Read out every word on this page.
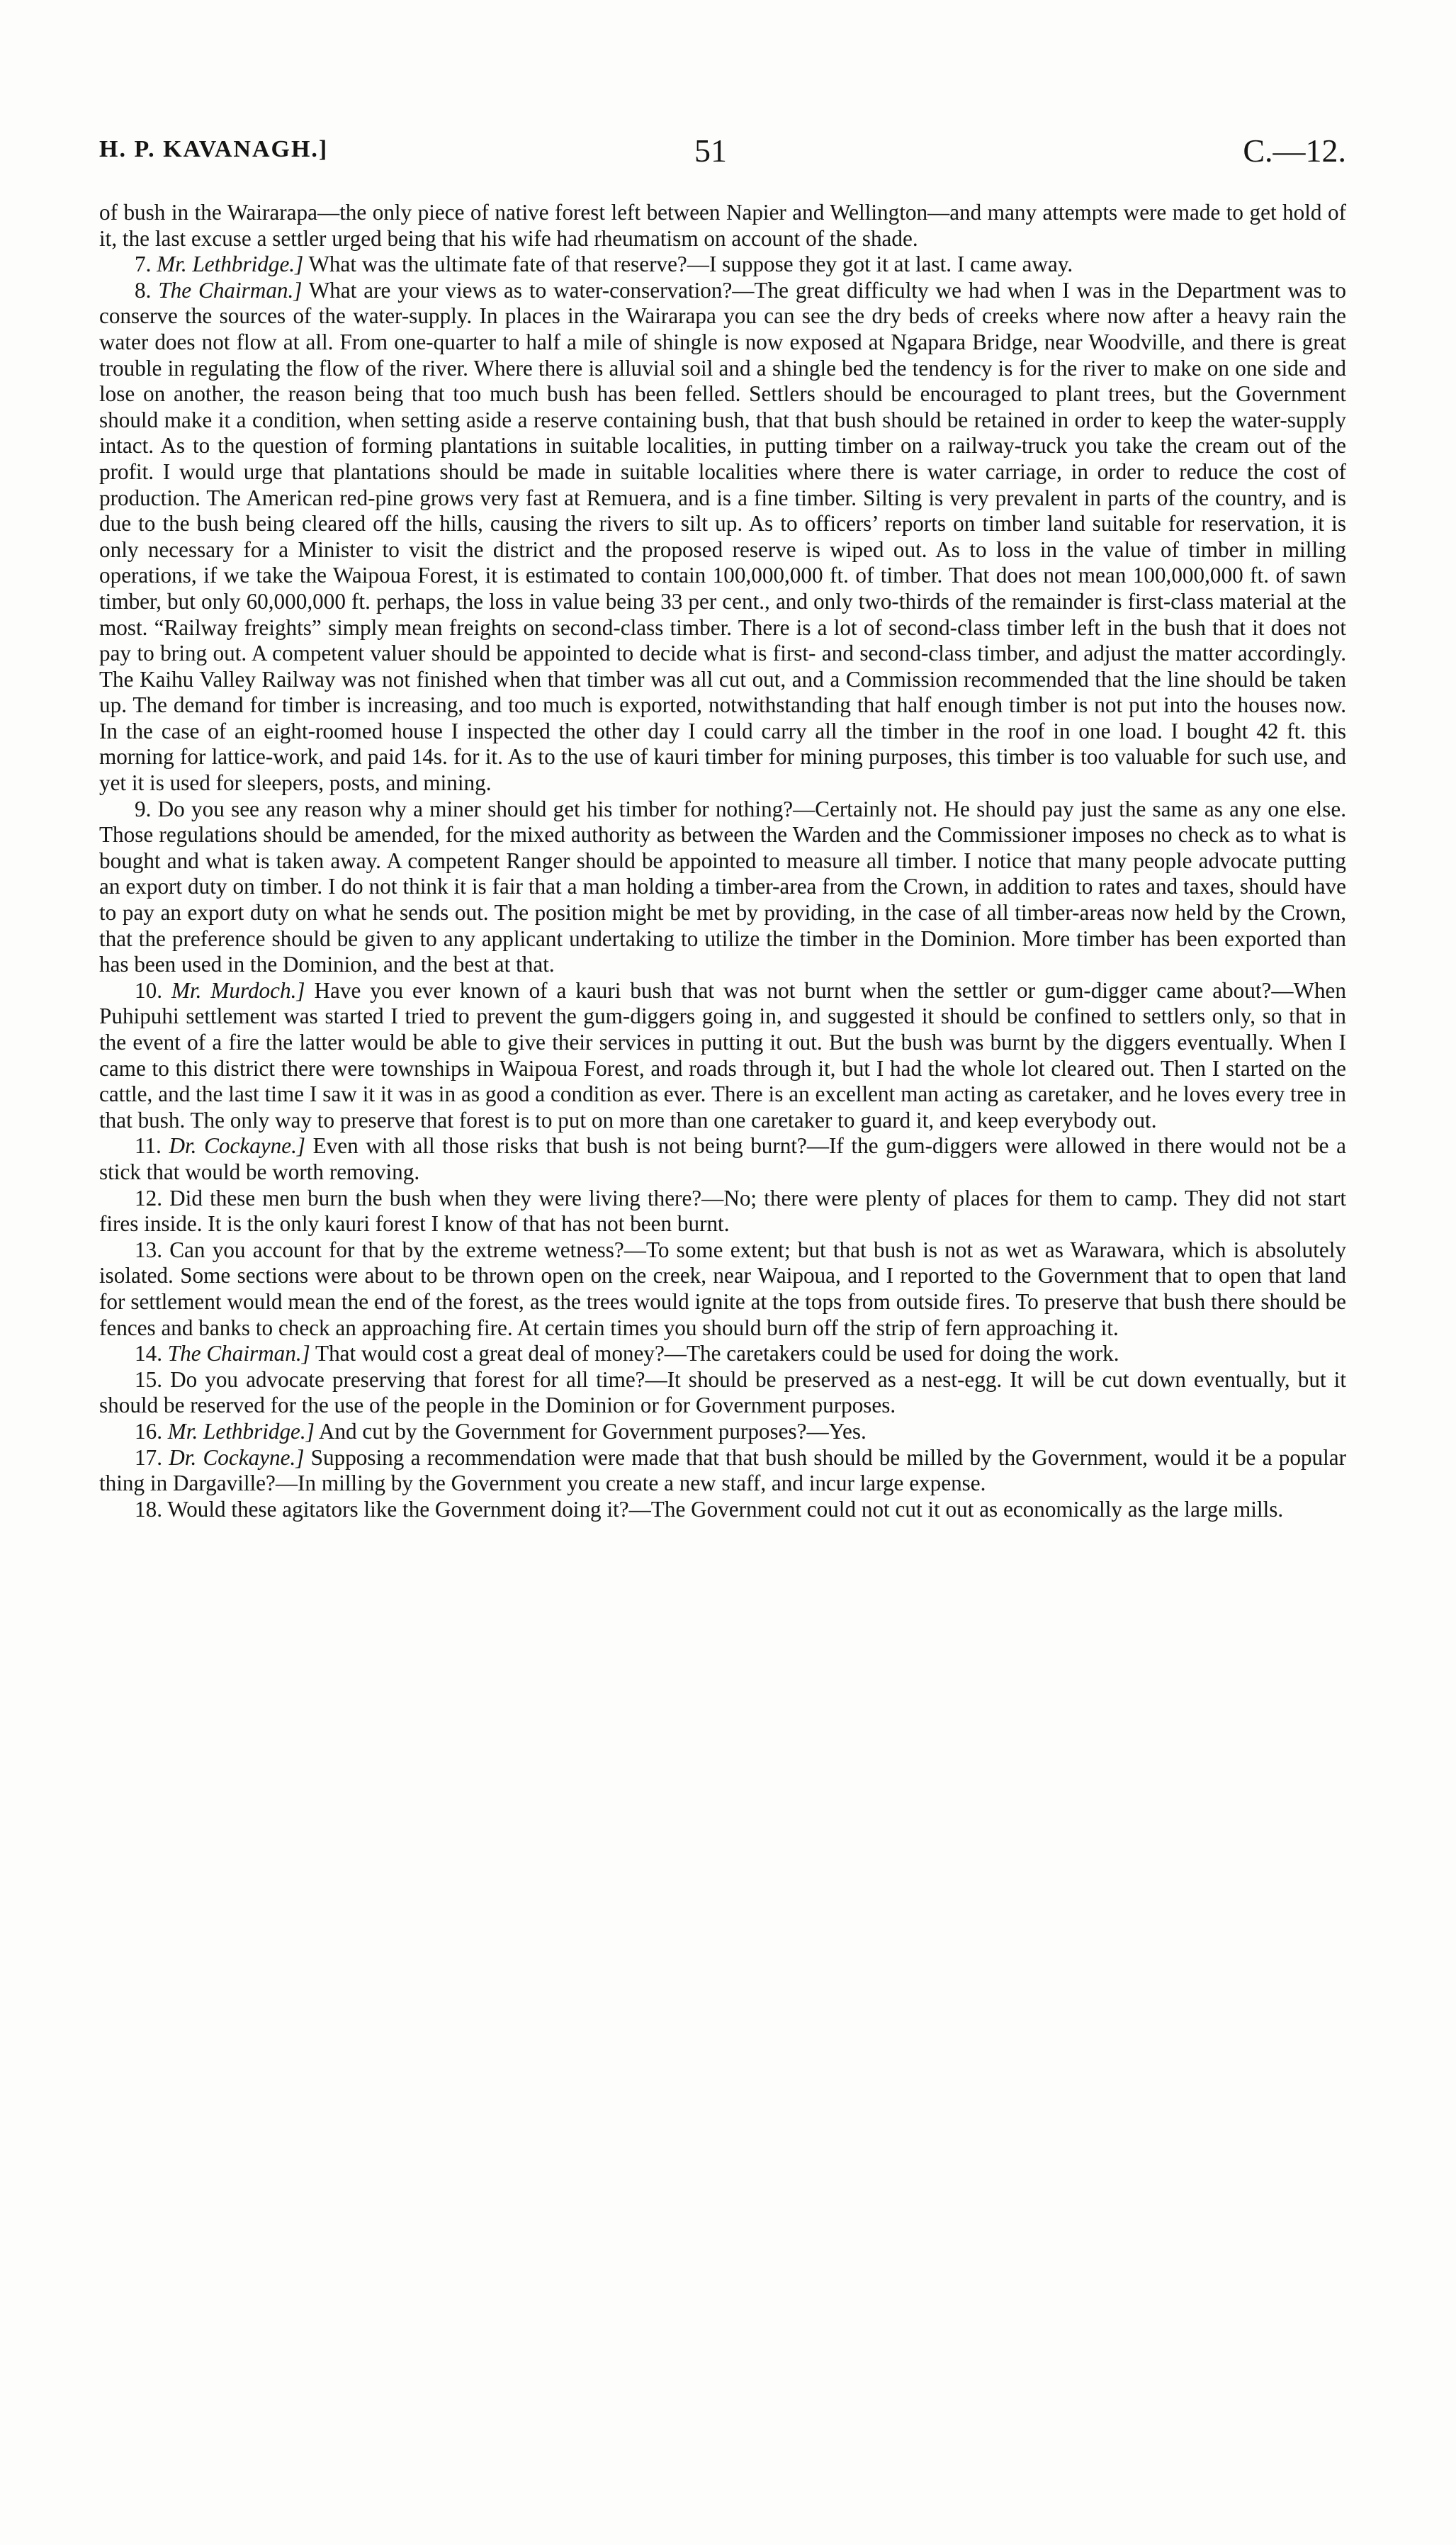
H. P. KAVANAGH.]	51	C.—12.

of bush in the Wairarapa—the only piece of native forest left between Napier and Wellington—and many attempts were made to get hold of it, the last excuse a settler urged being that his wife had rheumatism on account of the shade.

7. Mr. Lethbridge.] What was the ultimate fate of that reserve?—I suppose they got it at last. I came away.

8. The Chairman.] What are your views as to water-conservation?—The great difficulty we had when I was in the Department was to conserve the sources of the water-supply. In places in the Wairarapa you can see the dry beds of creeks where now after a heavy rain the water does not flow at all. From one-quarter to half a mile of shingle is now exposed at Ngapara Bridge, near Woodville, and there is great trouble in regulating the flow of the river. Where there is alluvial soil and a shingle bed the tendency is for the river to make on one side and lose on another, the reason being that too much bush has been felled. Settlers should be encouraged to plant trees, but the Government should make it a condition, when setting aside a reserve containing bush, that that bush should be retained in order to keep the water-supply intact. As to the question of forming plantations in suitable localities, in putting timber on a railway-truck you take the cream out of the profit. I would urge that plantations should be made in suitable localities where there is water carriage, in order to reduce the cost of production. The American red-pine grows very fast at Remuera, and is a fine timber. Silting is very prevalent in parts of the country, and is due to the bush being cleared off the hills, causing the rivers to silt up. As to officers’ reports on timber land suitable for reservation, it is only necessary for a Minister to visit the district and the proposed reserve is wiped out. As to loss in the value of timber in milling operations, if we take the Waipoua Forest, it is estimated to contain 100,000,000 ft. of timber. That does not mean 100,000,000 ft. of sawn timber, but only 60,000,000 ft. perhaps, the loss in value being 33 per cent., and only two-thirds of the remainder is first-class material at the most. “Railway freights” simply mean freights on second-class timber. There is a lot of second-class timber left in the bush that it does not pay to bring out. A competent valuer should be appointed to decide what is first- and second-class timber, and adjust the matter accordingly. The Kaihu Valley Railway was not finished when that timber was all cut out, and a Commission recommended that the line should be taken up. The demand for timber is increasing, and too much is exported, notwithstanding that half enough timber is not put into the houses now. In the case of an eight-roomed house I inspected the other day I could carry all the timber in the roof in one load. I bought 42 ft. this morning for lattice-work, and paid 14s. for it. As to the use of kauri timber for mining purposes, this timber is too valuable for such use, and yet it is used for sleepers, posts, and mining.

9. Do you see any reason why a miner should get his timber for nothing?—Certainly not. He should pay just the same as any one else. Those regulations should be amended, for the mixed authority as between the Warden and the Commissioner imposes no check as to what is bought and what is taken away. A competent Ranger should be appointed to measure all timber. I notice that many people advocate putting an export duty on timber. I do not think it is fair that a man holding a timber-area from the Crown, in addition to rates and taxes, should have to pay an export duty on what he sends out. The position might be met by providing, in the case of all timber-areas now held by the Crown, that the preference should be given to any applicant undertaking to utilize the timber in the Dominion. More timber has been exported than has been used in the Dominion, and the best at that.

10. Mr. Murdoch.] Have you ever known of a kauri bush that was not burnt when the settler or gum-digger came about?—When Puhipuhi settlement was started I tried to prevent the gum-diggers going in, and suggested it should be confined to settlers only, so that in the event of a fire the latter would be able to give their services in putting it out. But the bush was burnt by the diggers eventually. When I came to this district there were townships in Waipoua Forest, and roads through it, but I had the whole lot cleared out. Then I started on the cattle, and the last time I saw it it was in as good a condition as ever. There is an excellent man acting as caretaker, and he loves every tree in that bush. The only way to preserve that forest is to put on more than one caretaker to guard it, and keep everybody out.

11. Dr. Cockayne.] Even with all those risks that bush is not being burnt?—If the gum-diggers were allowed in there would not be a stick that would be worth removing.

12. Did these men burn the bush when they were living there?—No; there were plenty of places for them to camp. They did not start fires inside. It is the only kauri forest I know of that has not been burnt.

13. Can you account for that by the extreme wetness?—To some extent; but that bush is not as wet as Warawara, which is absolutely isolated. Some sections were about to be thrown open on the creek, near Waipoua, and I reported to the Government that to open that land for settlement would mean the end of the forest, as the trees would ignite at the tops from outside fires. To preserve that bush there should be fences and banks to check an approaching fire. At certain times you should burn off the strip of fern approaching it.

14. The Chairman.] That would cost a great deal of money?—The caretakers could be used for doing the work.

15. Do you advocate preserving that forest for all time?—It should be preserved as a nest-egg. It will be cut down eventually, but it should be reserved for the use of the people in the Dominion or for Government purposes.

16. Mr. Lethbridge.] And cut by the Government for Government purposes?—Yes.

17. Dr. Cockayne.] Supposing a recommendation were made that that bush should be milled by the Government, would it be a popular thing in Dargaville?—In milling by the Government you create a new staff, and incur large expense.

18. Would these agitators like the Government doing it?—The Government could not cut it out as economically as the large mills.
